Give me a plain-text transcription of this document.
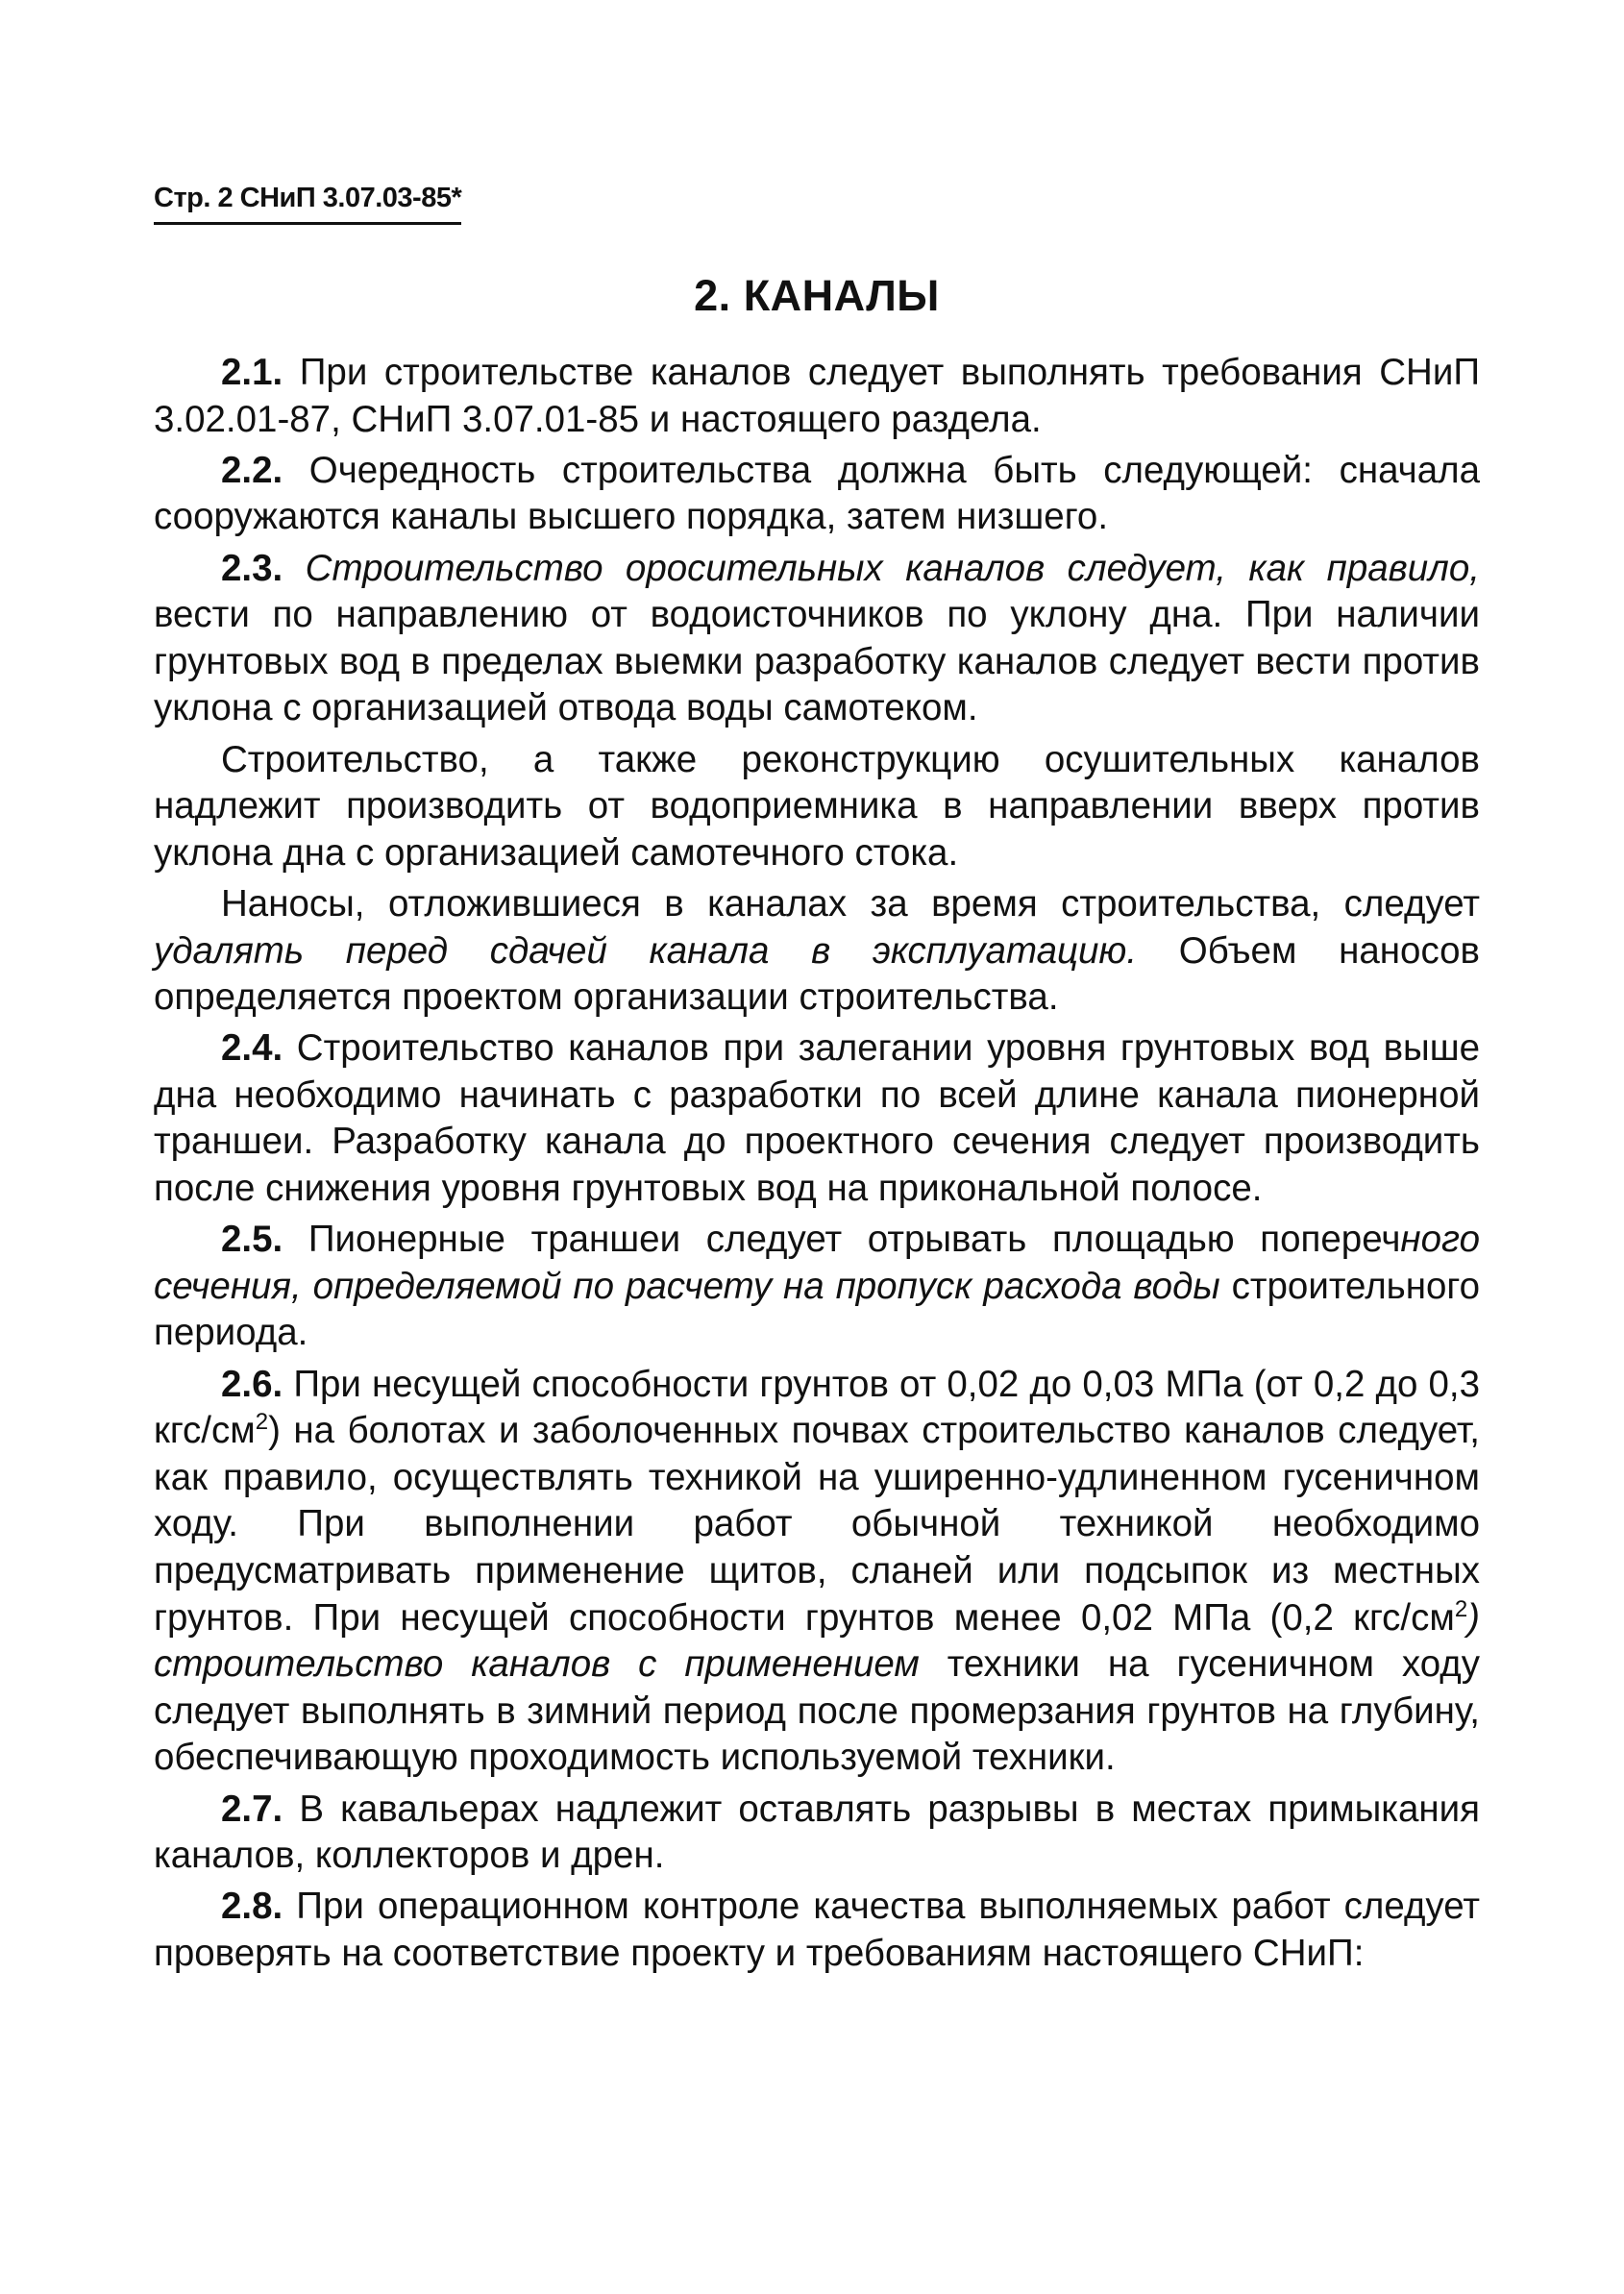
Стр. 2 СНиП 3.07.03-85*
2. КАНАЛЫ

2.1. При строительстве каналов следует выполнять требования СНиП 3.02.01-87, СНиП 3.07.01-85 и настоящего раздела.

2.2. Очередность строительства должна быть следующей: сначала сооружаются каналы высшего порядка, затем низшего.

2.3. Строительство оросительных каналов следует, как правило, вести по направлению от водоисточников по уклону дна. При наличии грунтовых вод в пределах выемки разработку каналов следует вести против уклона с организацией отвода воды самотеком.

Строительство, а также реконструкцию осушительных каналов надлежит производить от водоприемника в направлении вверх против уклона дна с организацией самотечного стока.

Наносы, отложившиеся в каналах за время строительства, следует удалять перед сдачей канала в эксплуатацию. Объем наносов определяется проектом организации строительства.

2.4. Строительство каналов при залегании уровня грунтовых вод выше дна необходимо начинать с разработки по всей длине канала пионерной траншеи. Разработку канала до проектного сечения следует производить после снижения уровня грунтовых вод на прикональной полосе.

2.5. Пионерные траншеи следует отрывать площадью поперечного сечения, определяемой по расчету на пропуск расхода воды строительного периода.

2.6. При несущей способности грунтов от 0,02 до 0,03 МПа (от 0,2 до 0,3 кгс/$см^2$) на болотах и заболоченных почвах строительство каналов следует, как правило, осуществлять техникой на уширенно-удлиненном гусеничном ходу. При выполнении работ обычной техникой необходимо предусматривать применение щитов, сланей или подсыпок из местных грунтов. При несущей способности грунтов менее 0,02 МПа (0,2 кгс/$см^2$) строительство каналов с применением техники на гусеничном ходу следует выполнять в зимний период после промерзания грунтов на глубину, обеспечивающую проходимость используемой техники.

2.7. В кавальерах надлежит оставлять разрывы в местах примыкания каналов, коллекторов и дрен.

2.8. При операционном контроле качества выполняемых работ следует проверять на соответствие проекту и требованиям настоящего СНиП:
